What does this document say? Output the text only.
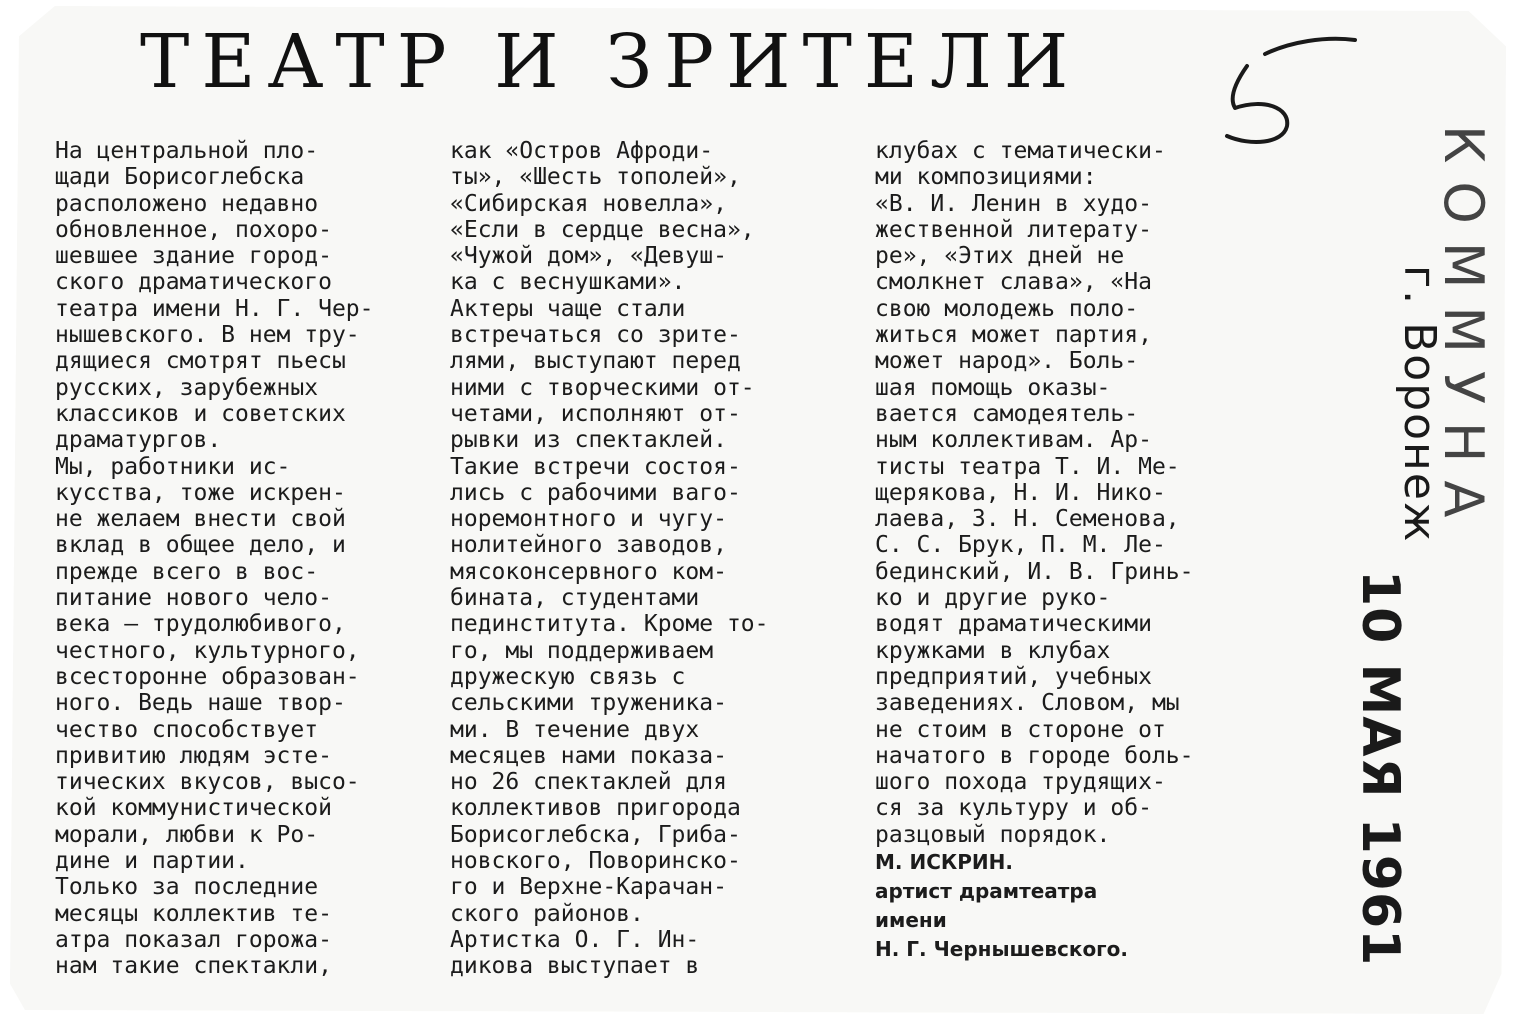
ТЕАТР И ЗРИТЕЛИ

На центральной пло-
щади Борисоглебска
расположено недавно
обновленное, похоро-
шевшее здание город-
ского драматического
театра имени Н. Г. Чер-
нышевского. В нем тру-
дящиеся смотрят пьесы
русских, зарубежных
классиков и советских
драматургов.

Мы, работники ис-
кусства, тоже искрен-
не желаем внести свой
вклад в общее дело, и
прежде всего в вос-
питание нового чело-
века — трудолюбивого,
честного, культурного,
всесторонне образован-
ного. Ведь наше твор-
чество способствует
привитию людям эсте-
тических вкусов, высо-
кой коммунистической
морали, любви к Ро-
дине и партии.

Только за последние
месяцы коллектив те-
атра показал горожа-
нам такие спектакли,

как «Остров Афроди-
ты», «Шесть тополей»,
«Сибирская новелла»,
«Если в сердце весна»,
«Чужой дом», «Девуш-
ка с веснушками».

Актеры чаще стали
встречаться со зрите-
лями, выступают перед
ними с творческими от-
четами, исполняют от-
рывки из спектаклей.
Такие встречи состоя-
лись с рабочими ваго-
норемонтного и чугу-
нолитейного заводов,
мясоконсервного ком-
бината, студентами
пединститута. Кроме то-
го, мы поддерживаем
дружескую связь с
сельскими труженика-
ми. В течение двух
месяцев нами показа-
но 26 спектаклей для
коллективов пригорода
Борисоглебска, Гриба-
новского, Поворинско-
го и Верхне-Карачан-
ского районов.

Артистка О. Г. Ин-
дикова выступает в

клубах с тематически-
ми композициями:
«В. И. Ленин в худо-
жественной литерату-
ре», «Этих дней не
смолкнет слава», «На
свою молодежь поло-
житься может партия,
может народ». Боль-
шая помощь оказы-
вается самодеятель-
ным коллективам. Ар-
тисты театра Т. И. Ме-
щерякова, Н. И. Нико-
лаева, З. Н. Семенова,
С. С. Брук, П. М. Ле-
бединский, И. В. Гринь-
ко и другие руко-
водят драматическими
кружками в клубах
предприятий, учебных
заведениях. Словом, мы
не стоим в стороне от
начатого в городе боль-
шого похода трудящих-
ся за культуру и об-
разцовый порядок.

М. ИСКРИН.

артист драмтеатра

имени

Н. Г. Чернышевского.

КОММУНА
г. Воронеж
10 МАЯ 1961
